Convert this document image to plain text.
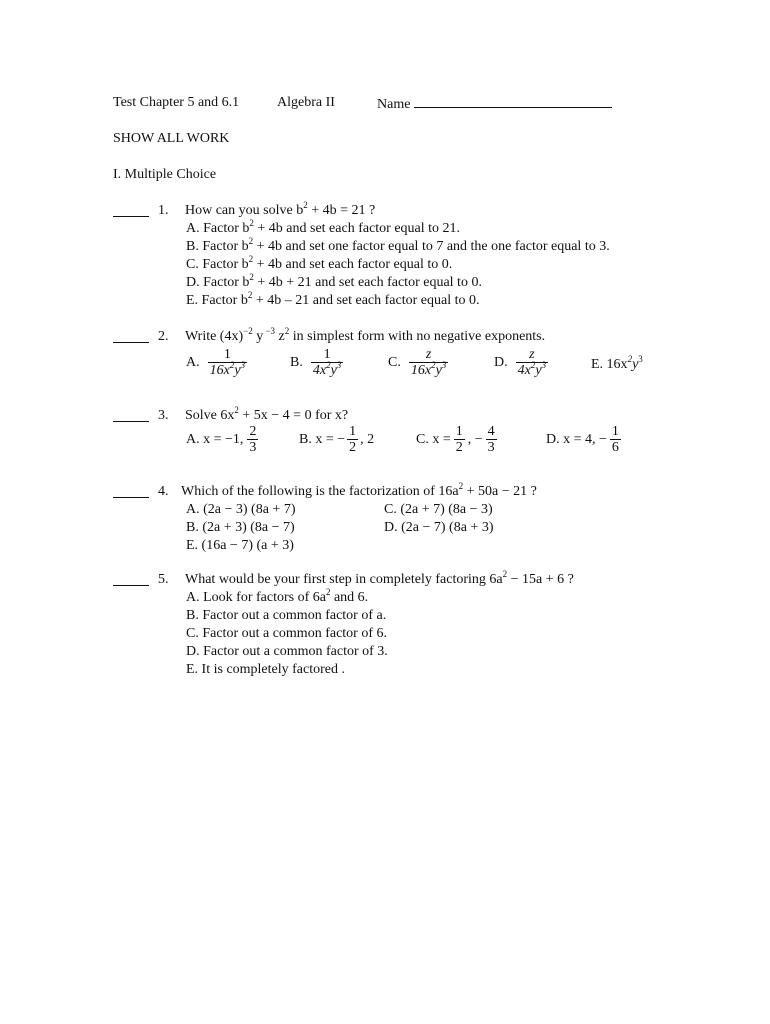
Test Chapter 5 and 6.1	Algebra II	Name
SHOW ALL WORK
I. Multiple Choice
1. How can you solve $b^2 + 4b = 21$ ?
A. Factor $b^2 + 4b$ and set each factor equal to 21.
B. Factor $b^2 + 4b$ and set one factor equal to 7 and the one factor equal to 3.
C. Factor $b^2 + 4b$ and set each factor equal to 0.
D. Factor $b^2 + 4b + 21$ and set each factor equal to 0.
E. Factor $b^2 + 4b - 21$ and set each factor equal to 0.
2. Write $(4x)^{-2}$ y $^{-3}$ $z^2$ in simplest form with no negative exponents.
A. $\frac{1}{16x^2y^3}$	B. $\frac{1}{4x^2y^3}$	C. $\frac{z}{16x^2y^3}$	D. $\frac{z}{4x^2y^3}$	E. $16x^2y^3$
3. Solve $6x^2 + 5x - 4 = 0$ for x?
A. x = −1, $\frac{2}{3}$	B. x = − $\frac{1}{2}$ , 2	C. $x = \frac{1}{2}$ , − $\frac{4}{3}$	D. x = 4, − $\frac{1}{6}$
4. Which of the following is the factorization of $16a^2 + 50a - 21$ ?
A. (2a − 3) (8a + 7)	C. (2a + 7) (8a − 3)
B. (2a + 3) (8a − 7)	D. (2a − 7) (8a + 3)
E. (16a − 7) (a + 3)
5. What would be your first step in completely factoring $6a^2 - 15a + 6$ ?
A. Look for factors of $6a^2$ and 6.
B. Factor out a common factor of a.
C. Factor out a common factor of 6.
D. Factor out a common factor of 3.
E. It is completely factored .
